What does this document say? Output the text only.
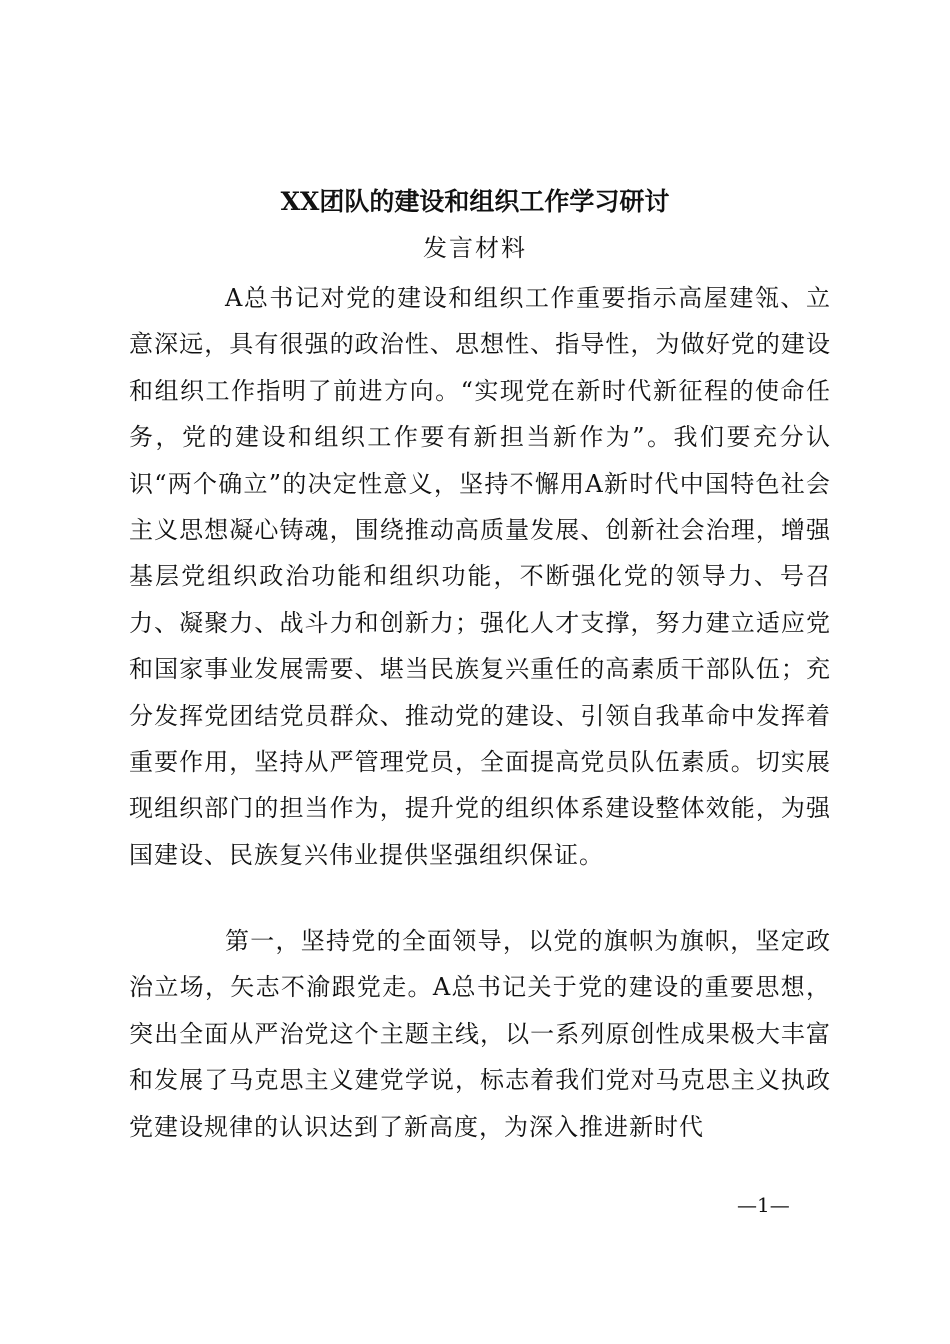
XX团队的建设和组织工作学习研讨
发言材料

A总书记对党的建设和组织工作重要指示高屋建瓴、立意深远，具有很强的政治性、思想性、指导性，为做好党的建设和组织工作指明了前进方向。“实现党在新时代新征程的使命任务，党的建设和组织工作要有新担当新作为”。我们要充分认识“两个确立”的决定性意义，坚持不懈用A新时代中国特色社会主义思想凝心铸魂，围绕推动高质量发展、创新社会治理，增强基层党组织政治功能和组织功能，不断强化党的领导力、号召力、凝聚力、战斗力和创新力；强化人才支撑，努力建立适应党和国家事业发展需要、堪当民族复兴重任的高素质干部队伍；充分发挥党团结党员群众、推动党的建设、引领自我革命中发挥着重要作用，坚持从严管理党员，全面提高党员队伍素质。切实展现组织部门的担当作为，提升党的组织体系建设整体效能，为强国建设、民族复兴伟业提供坚强组织保证。

第一，坚持党的全面领导，以党的旗帜为旗帜，坚定政治立场，矢志不渝跟党走。A总书记关于党的建设的重要思想，突出全面从严治党这个主题主线，以一系列原创性成果极大丰富和发展了马克思主义建党学说，标志着我们党对马克思主义执政党建设规律的认识达到了新高度，为深入推进新时代

—1—
